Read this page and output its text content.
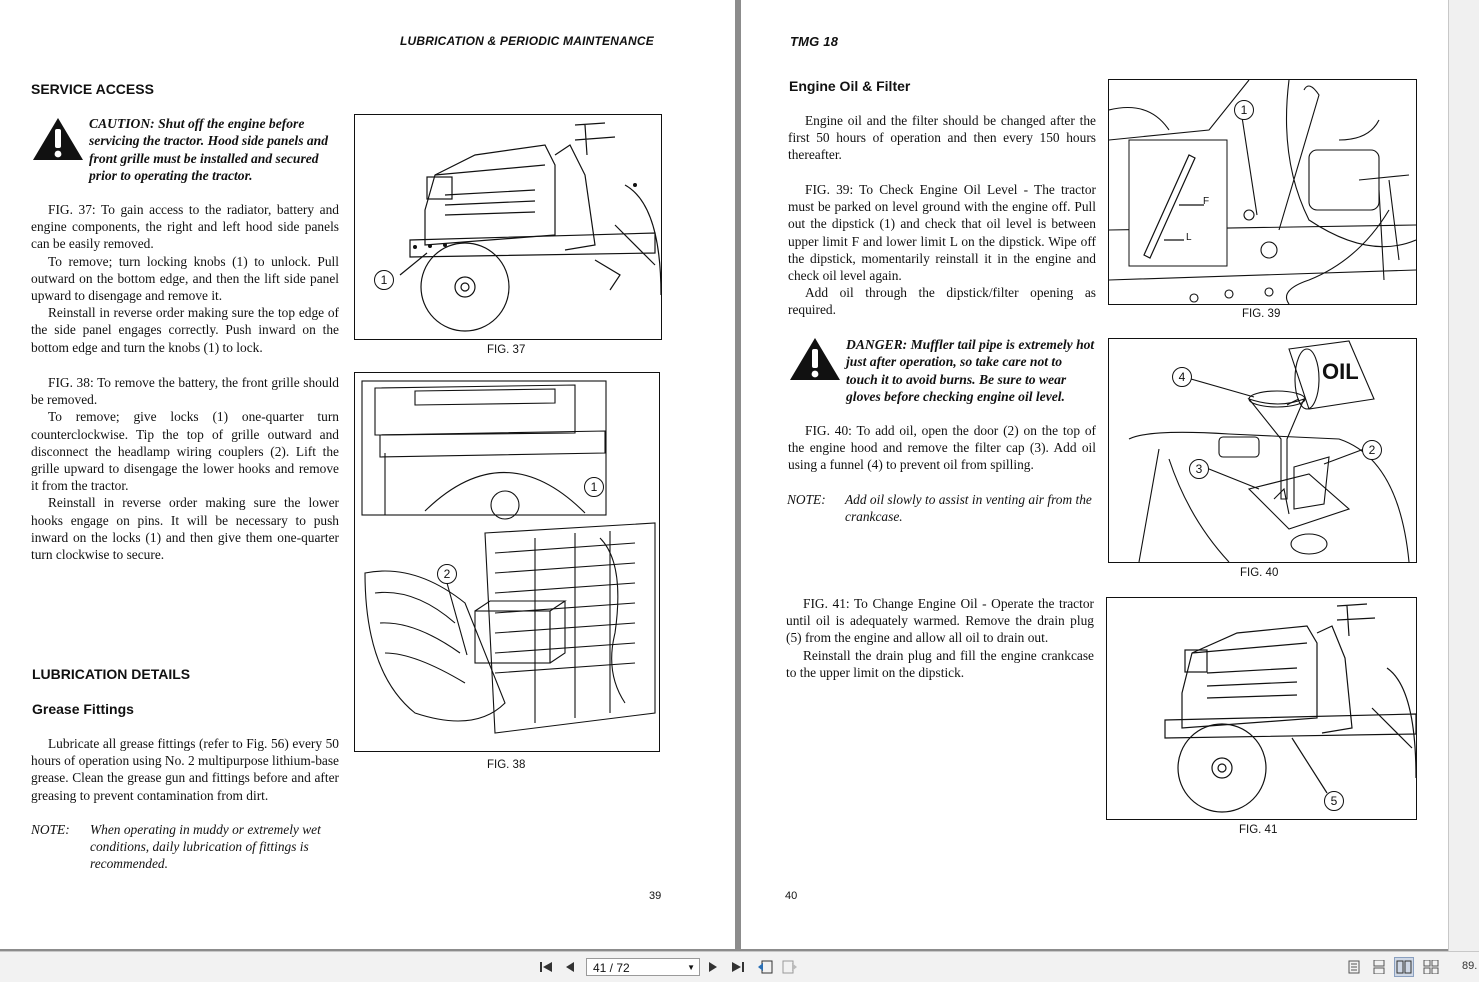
LUBRICATION & PERIODIC MAINTENANCE
SERVICE ACCESS
CAUTION: Shut off the engine before servicing the tractor. Hood side panels and front grille must be installed and secured prior to operating the tractor.

FIG. 37: To gain access to the radiator, battery and engine components, the right and left hood side panels can be easily removed.

To remove; turn locking knobs (1) to unlock. Pull outward on the bottom edge, and then the lift side panel upward to disengage and remove it.

Reinstall in reverse order making sure the top edge of the side panel engages correctly. Push inward on the bottom edge and turn the knobs (1) to lock.

FIG. 38: To remove the battery, the front grille should be removed.

To remove; give locks (1) one-quarter turn counterclockwise. Tip the top of grille outward and disconnect the headlamp wiring couplers (2). Lift the grille upward to disengage the lower hooks and remove it from the tractor.

Reinstall in reverse order making sure the lower hooks engage on pins. It will be necessary to push inward on the locks (1) and then give them one-quarter turn clockwise to secure.

LUBRICATION DETAILS
Grease Fittings

Lubricate all grease fittings (refer to Fig. 56) every 50 hours of operation using No. 2 multipurpose lithium-base grease. Clean the grease gun and fittings before and after greasing to prevent contamination from dirt.

NOTE: When operating in muddy or extremely wet conditions, daily lubrication of fittings is recommended.
1
FIG. 37
1
2
FIG. 38
39
TMG 18
Engine Oil & Filter

Engine oil and the filter should be changed after the first 50 hours of operation and then every 150 hours thereafter.

FIG. 39: To Check Engine Oil Level - The tractor must be parked on level ground with the engine off. Pull out the dipstick (1) and check that oil level is between upper limit F and lower limit L on the dipstick. Wipe off the dipstick, momentarily reinstall it in the engine and check oil level again.

Add oil through the dipstick/filter opening as required.

DANGER: Muffler tail pipe is extremely hot just after operation, so take care not to touch it to avoid burns. Be sure to wear gloves before checking engine oil level.

FIG. 40: To add oil, open the door (2) on the top of the engine hood and remove the filter cap (3). Add oil using a funnel (4) to prevent oil from spilling.

NOTE: Add oil slowly to assist in venting air from the crankcase.

FIG. 41: To Change Engine Oil - Operate the tractor until oil is adequately warmed. Remove the drain plug (5) from the engine and allow all oil to drain out.

Reinstall the drain plug and fill the engine crankcase to the upper limit on the dipstick.

F
L
1
FIG. 39
OIL
4
3
2
FIG. 40
5
FIG. 41
40
41 / 72	▼	89.
